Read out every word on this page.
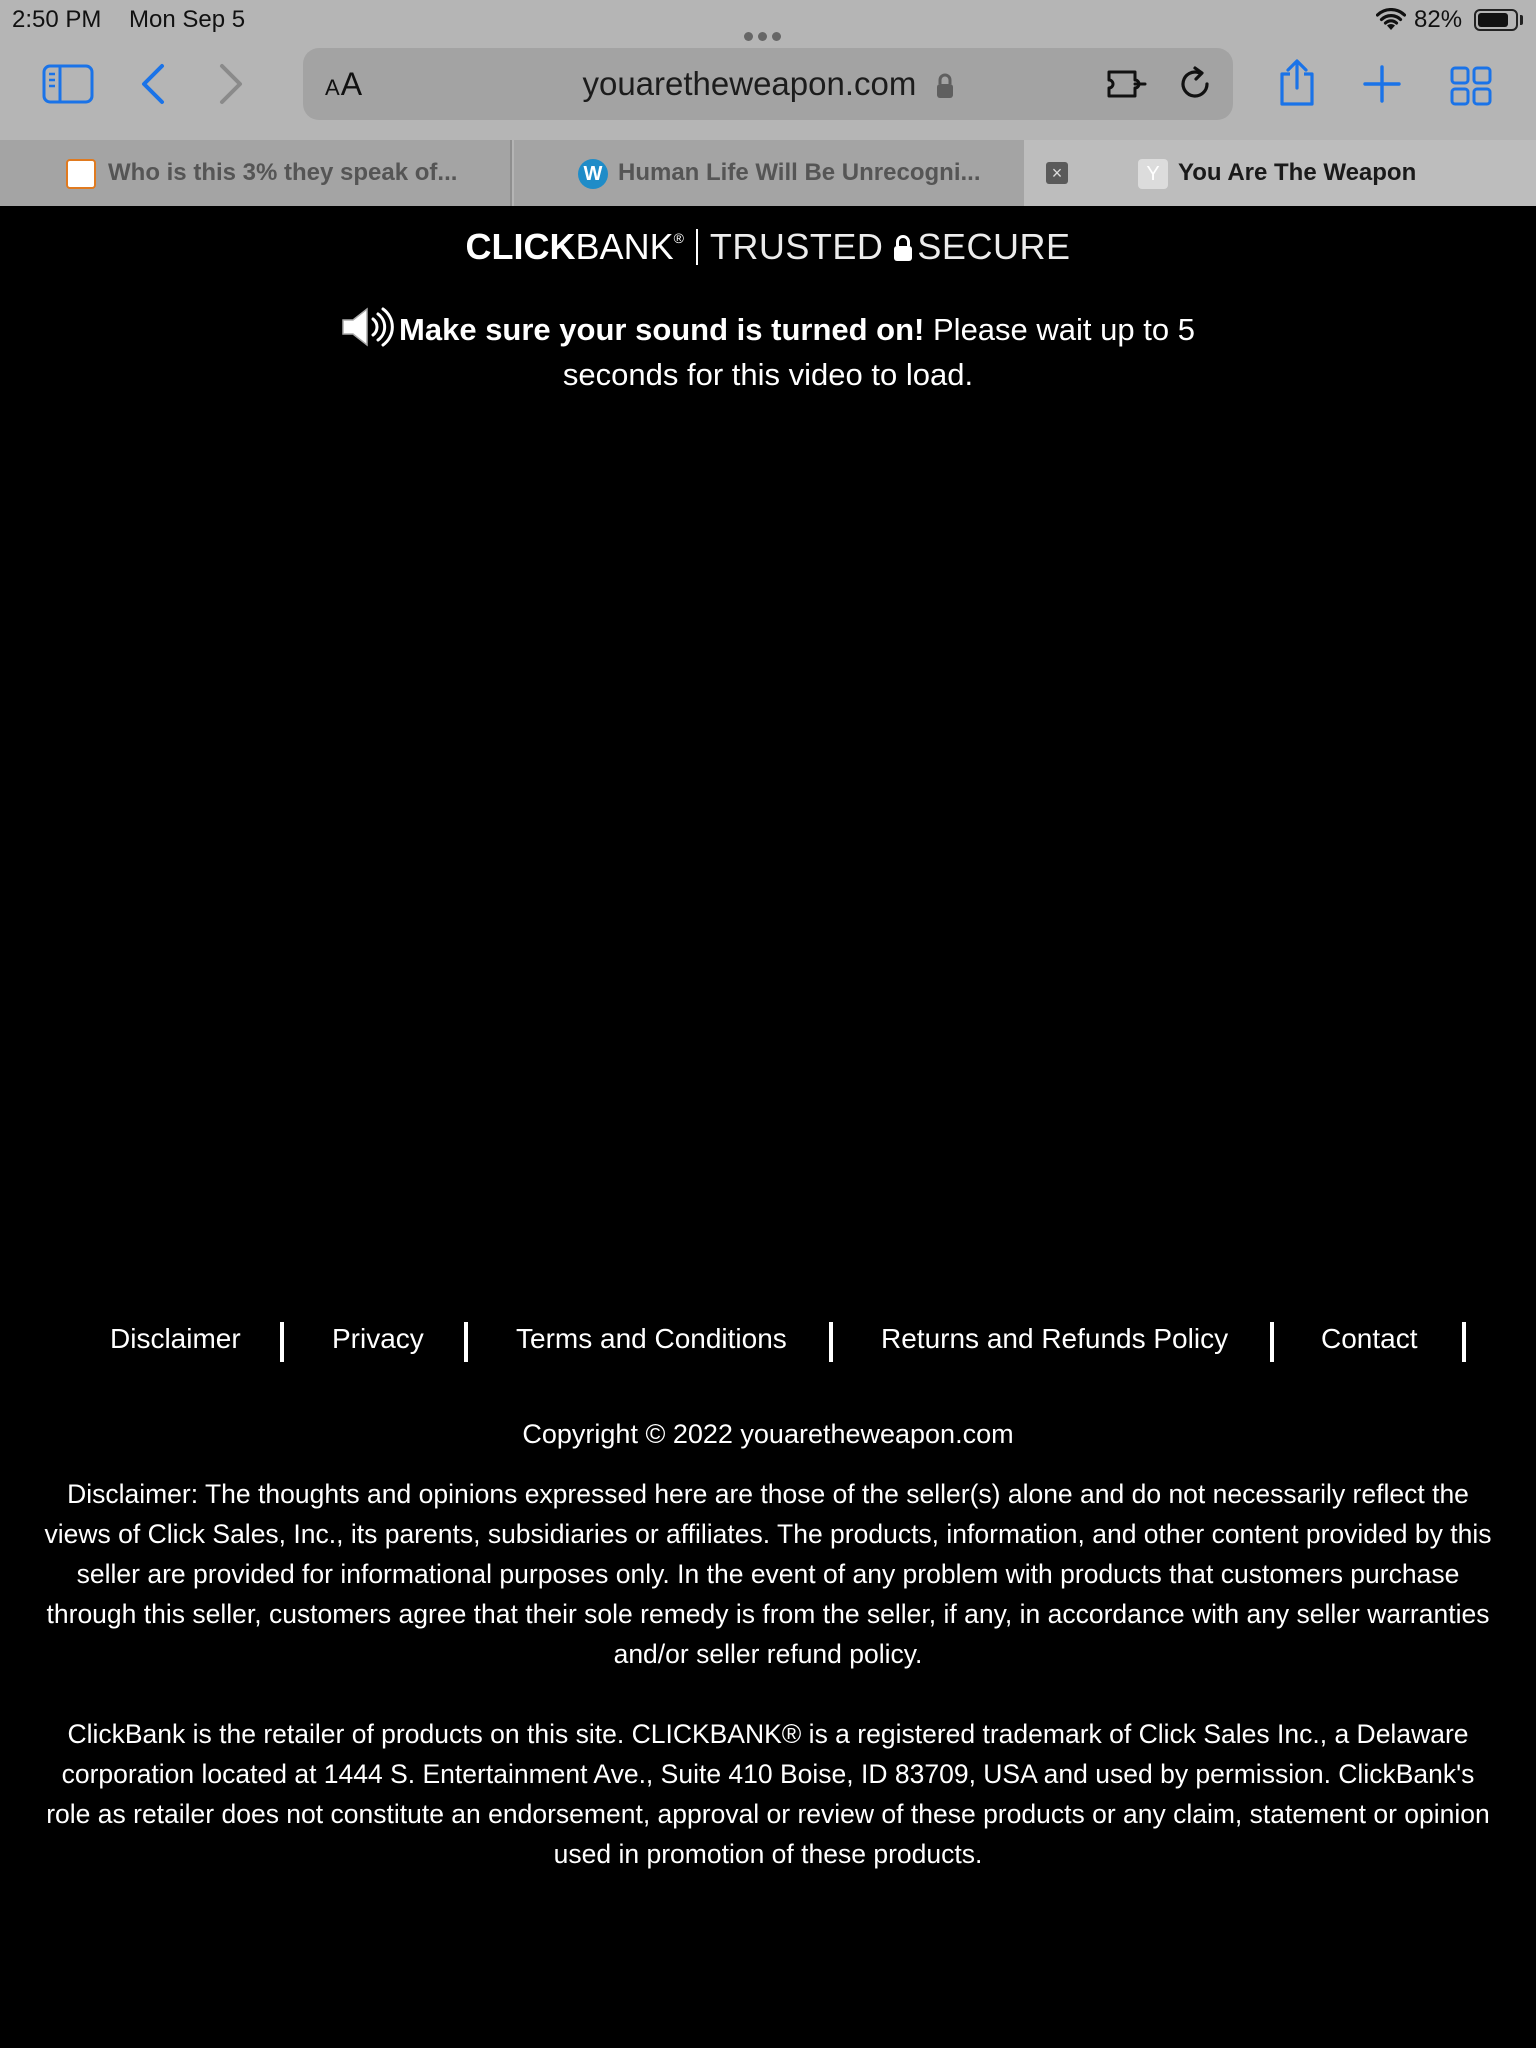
2:50 PM Mon Sep 5	82%
AA	youaretheweapon.com
Who is this 3% they speak of...	W Human Life Will Be Unrecogni...	×	Y You Are The Weapon
CLICKBANK® TRUSTED SECURE
Make sure your sound is turned on! Please wait up to 5 seconds for this video to load.
Disclaimer	Privacy	Terms and Conditions	Returns and Refunds Policy	Contact
Copyright © 2022 youaretheweapon.com
Disclaimer: The thoughts and opinions expressed here are those of the seller(s) alone and do not necessarily reflect the views of Click Sales, Inc., its parents, subsidiaries or affiliates. The products, information, and other content provided by this seller are provided for informational purposes only. In the event of any problem with products that customers purchase through this seller, customers agree that their sole remedy is from the seller, if any, in accordance with any seller warranties and/or seller refund policy.
ClickBank is the retailer of products on this site. CLICKBANK® is a registered trademark of Click Sales Inc., a Delaware corporation located at 1444 S. Entertainment Ave., Suite 410 Boise, ID 83709, USA and used by permission. ClickBank's role as retailer does not constitute an endorsement, approval or review of these products or any claim, statement or opinion used in promotion of these products.
